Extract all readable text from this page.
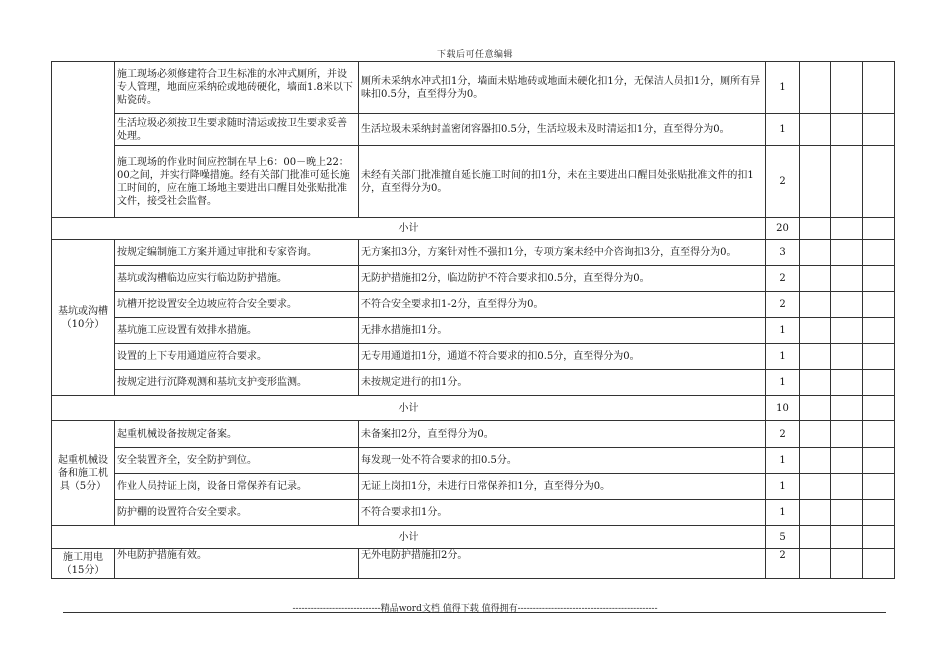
下载后可任意编辑
	施工现场必须修建符合卫生标准的水冲式厕所，并设专人管理，地面应采纳砼或地砖硬化，墙面1.8米以下贴瓷砖。	厕所未采纳水冲式扣1分，墙面未贴地砖或地面未硬化扣1分，无保洁人员扣1分，厕所有异味扣0.5分，直至得分为0。	1			
	生活垃圾必须按卫生要求随时清运或按卫生要求妥善处理。	生活垃圾未采纳封盖密闭容器扣0.5分，生活垃圾未及时清运扣1分，直至得分为0。	1			
	施工现场的作业时间应控制在早上6：00－晚上22：00之间，并实行降噪措施。经有关部门批准可延长施工时间的，应在施工场地主要进出口醒目处张贴批准文件，接受社会监督。	未经有关部门批准擅自延长施工时间的扣1分，未在主要进出口醒目处张贴批准文件的扣1分，直至得分为0。	2			
小计			20			
基坑或沟槽（10分）	按规定编制施工方案并通过审批和专家咨询。	无方案扣3分，方案针对性不强扣1分，专项方案未经中介咨询扣3分，直至得分为0。	3			
	基坑或沟槽临边应实行临边防护措施。	无防护措施扣2分，临边防护不符合要求扣0.5分，直至得分为0。	2			
	坑槽开挖设置安全边坡应符合安全要求。	不符合安全要求扣1-2分，直至得分为0。	2			
	基坑施工应设置有效排水措施。	无排水措施扣1分。	1			
	设置的上下专用通道应符合要求。	无专用通道扣1分，通道不符合要求的扣0.5分，直至得分为0。	1			
	按规定进行沉降观测和基坑支护变形监测。	未按规定进行的扣1分。	1			
小计			10			
起重机械设备和施工机具（5分）	起重机械设备按规定备案。	未备案扣2分，直至得分为0。	2			
	安全装置齐全，安全防护到位。	每发现一处不符合要求的扣0.5分。	1			
	作业人员持证上岗，设备日常保养有记录。	无证上岗扣1分，未进行日常保养扣1分，直至得分为0。	1			
	防护棚的设置符合安全要求。	不符合要求扣1分。	1			
小计			5			
施工用电（15分）	外电防护措施有效。	无外电防护措施扣2分。	2			
-----------------------------精品word文档 值得下载 值得拥有----------------------------------------------
